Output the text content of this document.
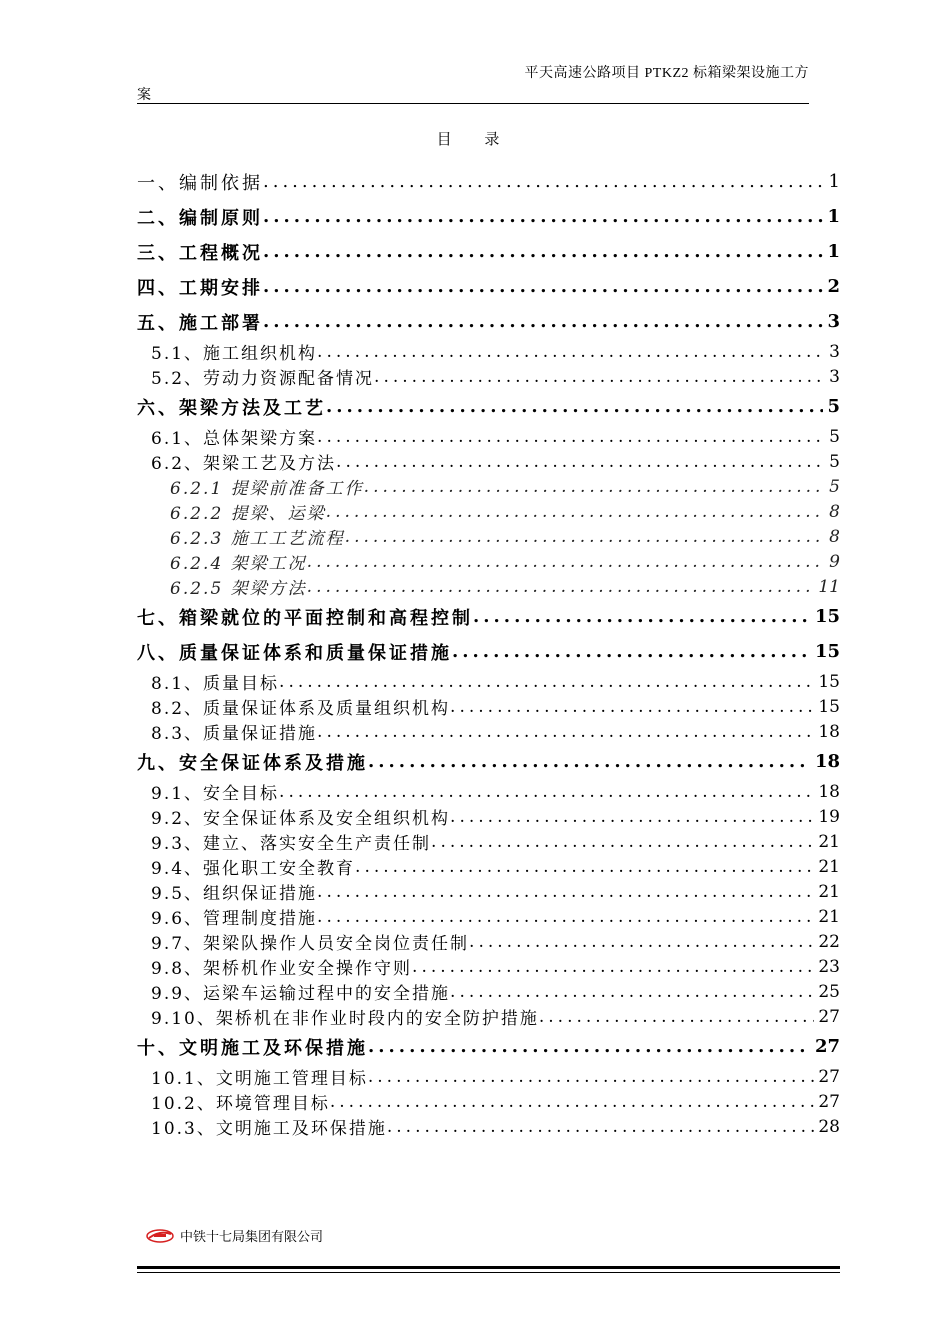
平天高速公路项目 PTKZ2 标箱梁架设施工方
案
目 录
一、编制依据 .....	1
二、编制原则 .....	1
三、工程概况 .....	1
四、工期安排 .....	2
五、施工部署 .....	3
5.1、施工组织机构 .....	3
5.2、劳动力资源配备情况 .....	3
六、架梁方法及工艺 .....	5
6.1、总体架梁方案 .....	5
6.2、架梁工艺及方法 .....	5
6.2.1 提梁前准备工作 .....	5
6.2.2 提梁、运梁 .....	8
6.2.3 施工工艺流程 .....	8
6.2.4 架梁工况 .....	9
6.2.5 架梁方法 .....	11
七、箱梁就位的平面控制和高程控制 .....	15
八、质量保证体系和质量保证措施 .....	15
8.1、质量目标 .....	15
8.2、质量保证体系及质量组织机构 .....	15
8.3、质量保证措施 .....	18
九、安全保证体系及措施 .....	18
9.1、安全目标 .....	18
9.2、安全保证体系及安全组织机构 .....	19
9.3、建立、落实安全生产责任制 .....	21
9.4、强化职工安全教育 .....	21
9.5、组织保证措施 .....	21
9.6、管理制度措施 .....	21
9.7、架梁队操作人员安全岗位责任制 .....	22
9.8、架桥机作业安全操作守则 .....	23
9.9、运梁车运输过程中的安全措施 .....	25
9.10、架桥机在非作业时段内的安全防护措施 .....	27
十、文明施工及环保措施 .....	27
10.1、文明施工管理目标 .....	27
10.2、环境管理目标 .....	27
10.3、文明施工及环保措施 .....	28
中铁十七局集团有限公司
